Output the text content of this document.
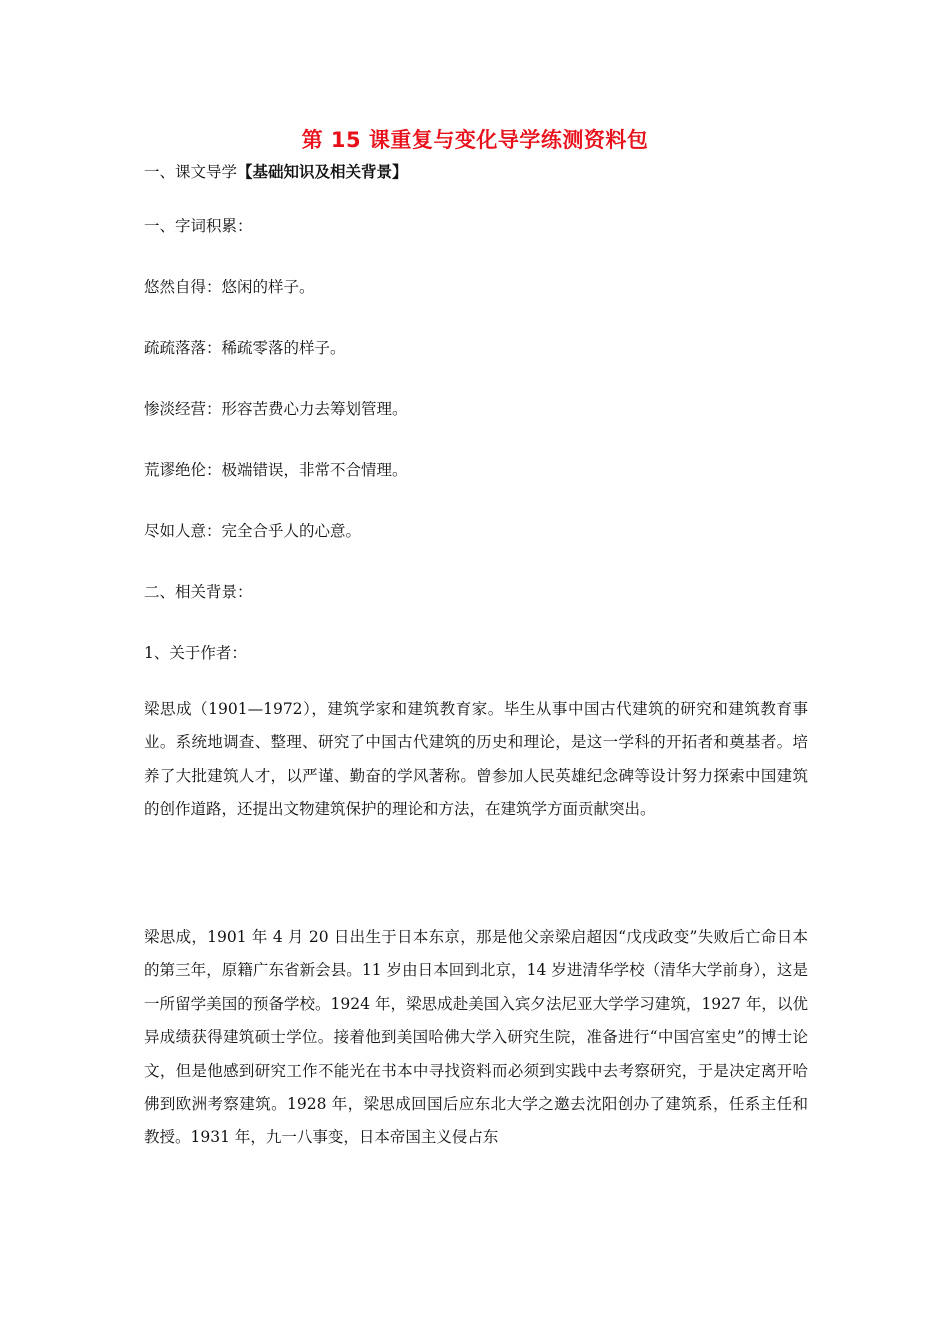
第 15 课重复与变化导学练测资料包
一、课文导学【基础知识及相关背景】
一、字词积累：
悠然自得：悠闲的样子。
疏疏落落：稀疏零落的样子。
惨淡经营：形容苦费心力去筹划管理。
荒谬绝伦：极端错误，非常不合情理。
尽如人意：完全合乎人的心意。
二、相关背景：
1、关于作者：
梁思成（1901—1972），建筑学家和建筑教育家。毕生从事中国古代建筑的研究和建筑教育事业。系统地调查、整理、研究了中国古代建筑的历史和理论，是这一学科的开拓者和奠基者。培养了大批建筑人才，以严谨、勤奋的学风著称。曾参加人民英雄纪念碑等设计努力探索中国建筑的创作道路，还提出文物建筑保护的理论和方法，在建筑学方面贡献突出。
梁思成，1901 年 4 月 20 日出生于日本东京，那是他父亲梁启超因“戊戌政变”失败后亡命日本的第三年，原籍广东省新会县。11 岁由日本回到北京，14 岁进清华学校（清华大学前身），这是一所留学美国的预备学校。1924 年，梁思成赴美国入宾夕法尼亚大学学习建筑，1927 年，以优异成绩获得建筑硕士学位。接着他到美国哈佛大学入研究生院，准备进行“中国宫室史”的博士论文，但是他感到研究工作不能光在书本中寻找资料而必须到实践中去考察研究，于是决定离开哈佛到欧洲考察建筑。1928 年，梁思成回国后应东北大学之邀去沈阳创办了建筑系，任系主任和教授。1931 年，九一八事变，日本帝国主义侵占东
